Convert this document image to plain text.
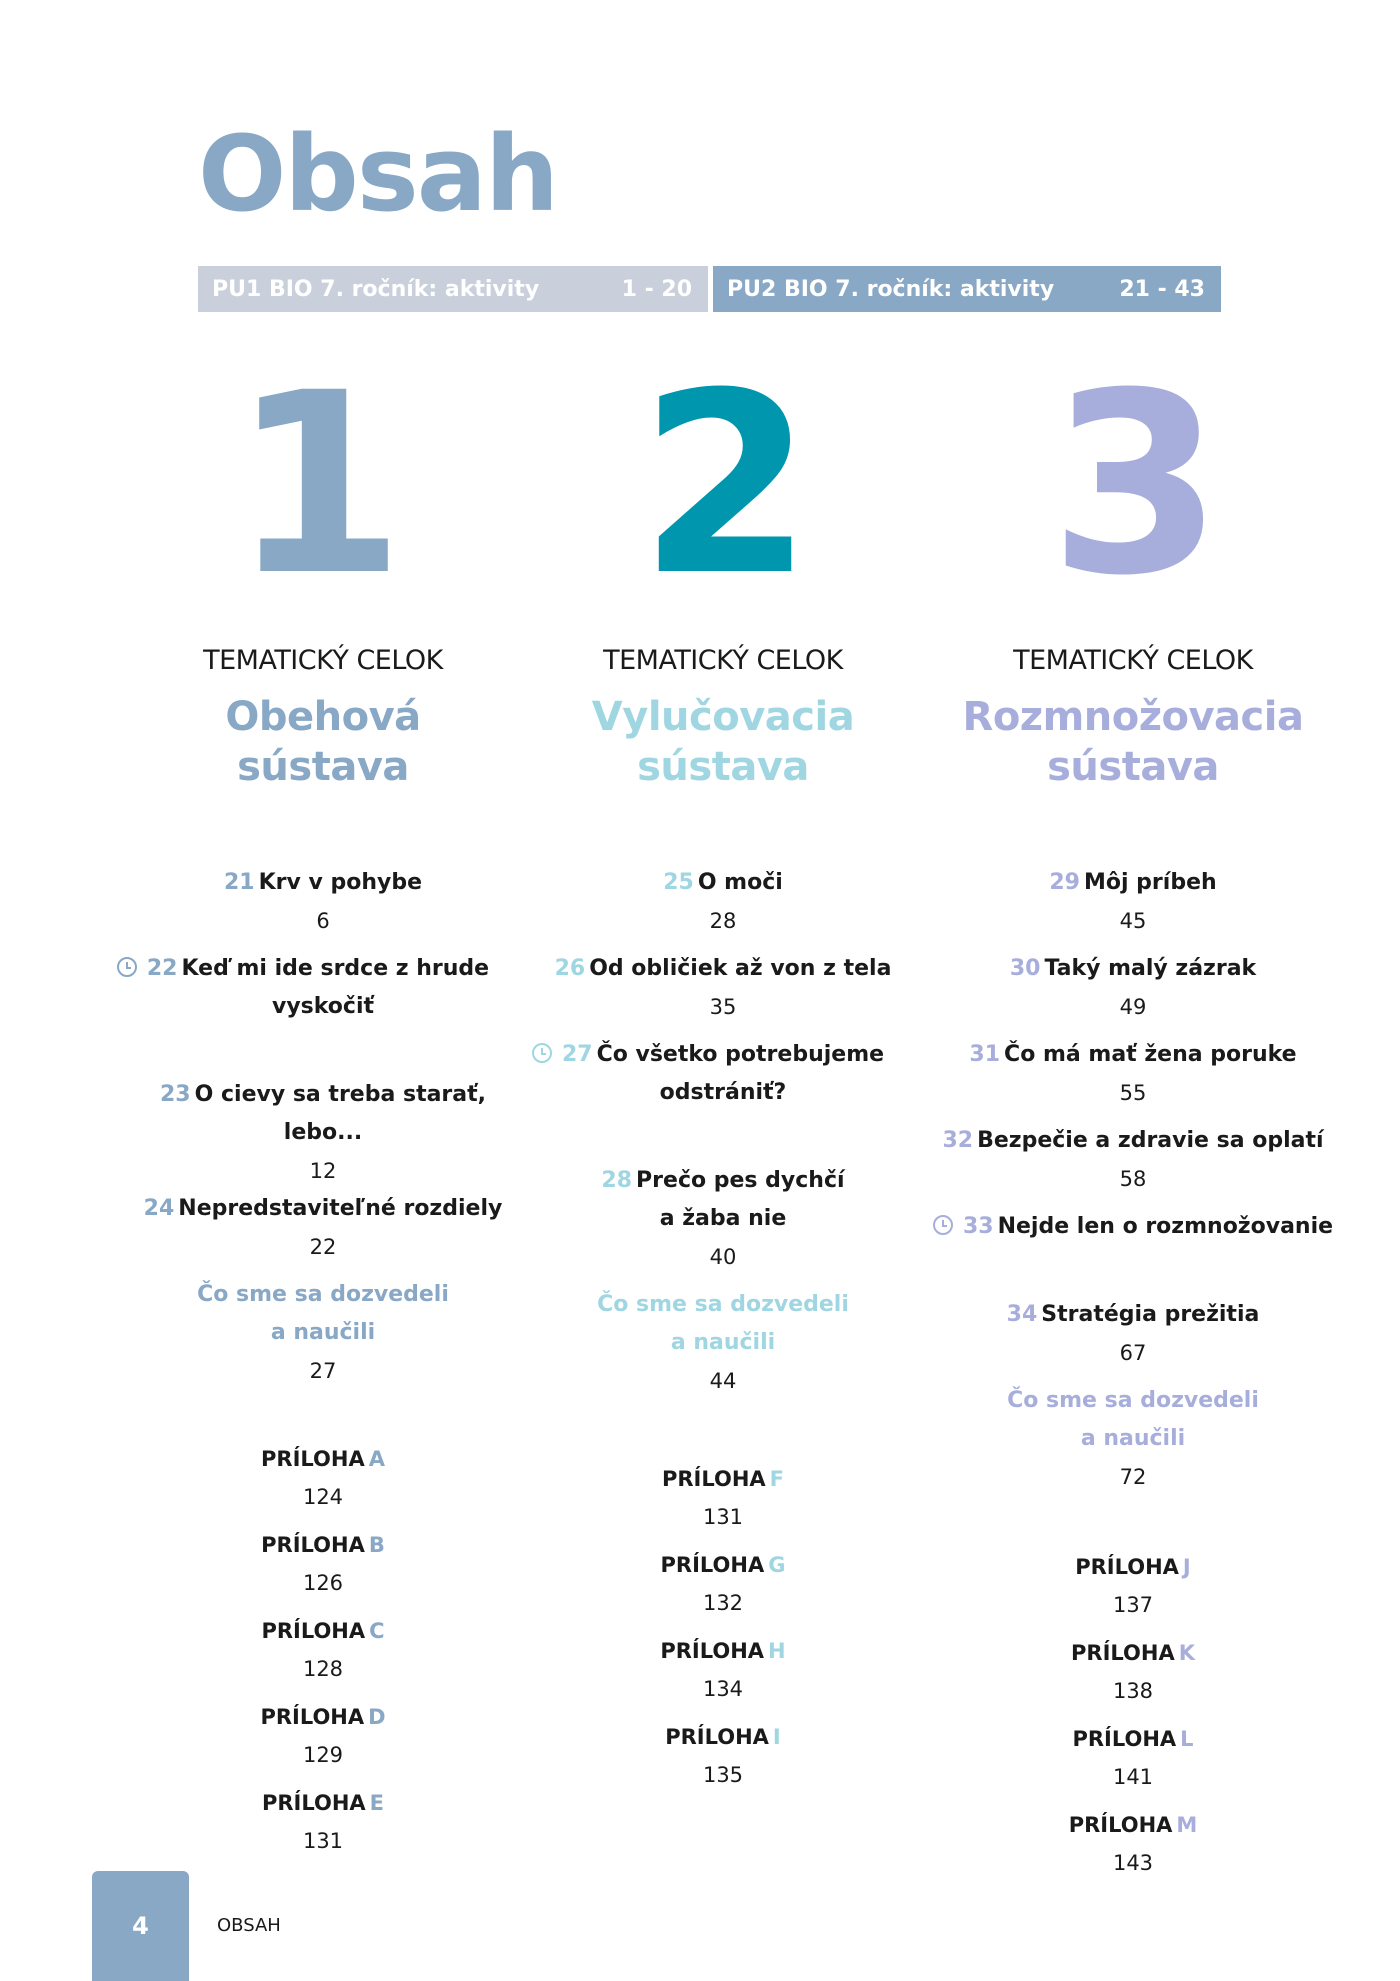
Obsah
PU1 BIO 7. ročník: aktivity	1 - 20 PU2 BIO 7. ročník: aktivity	21 - 43
1 2 3
TEMATICKÝ CELOK
Obehová
sústava
TEMATICKÝ CELOK
Vylučovacia
sústava
TEMATICKÝ CELOK
Rozmnožovacia
sústava
21 Krv v pohybe
6
22 Keď mi ide srdce z hrude
vyskočiť
23 O cievy sa treba starať,
lebo...
12
24 Nepredstaviteľné rozdiely
22
Čo sme sa dozvedeli
a naučili
27
PRÍLOHA A
124
PRÍLOHA B
126
PRÍLOHA C
128
PRÍLOHA D
129
PRÍLOHA E
131
25 O moči
28
26 Od obličiek až von z tela
35
27 Čo všetko potrebujeme
odstrániť?
28 Prečo pes dychčí
a žaba nie
40
Čo sme sa dozvedeli
a naučili
44
PRÍLOHA F
131
PRÍLOHA G
132
PRÍLOHA H
134
PRÍLOHA I
135
29 Môj príbeh
45
30 Taký malý zázrak
49
31 Čo má mať žena poruke
55
32 Bezpečie a zdravie sa oplatí
58
33 Nejde len o rozmnožovanie
34 Stratégia prežitia
67
Čo sme sa dozvedeli
a naučili
72
PRÍLOHA J
137
PRÍLOHA K
138
PRÍLOHA L
141
PRÍLOHA M
143
4	OBSAH
